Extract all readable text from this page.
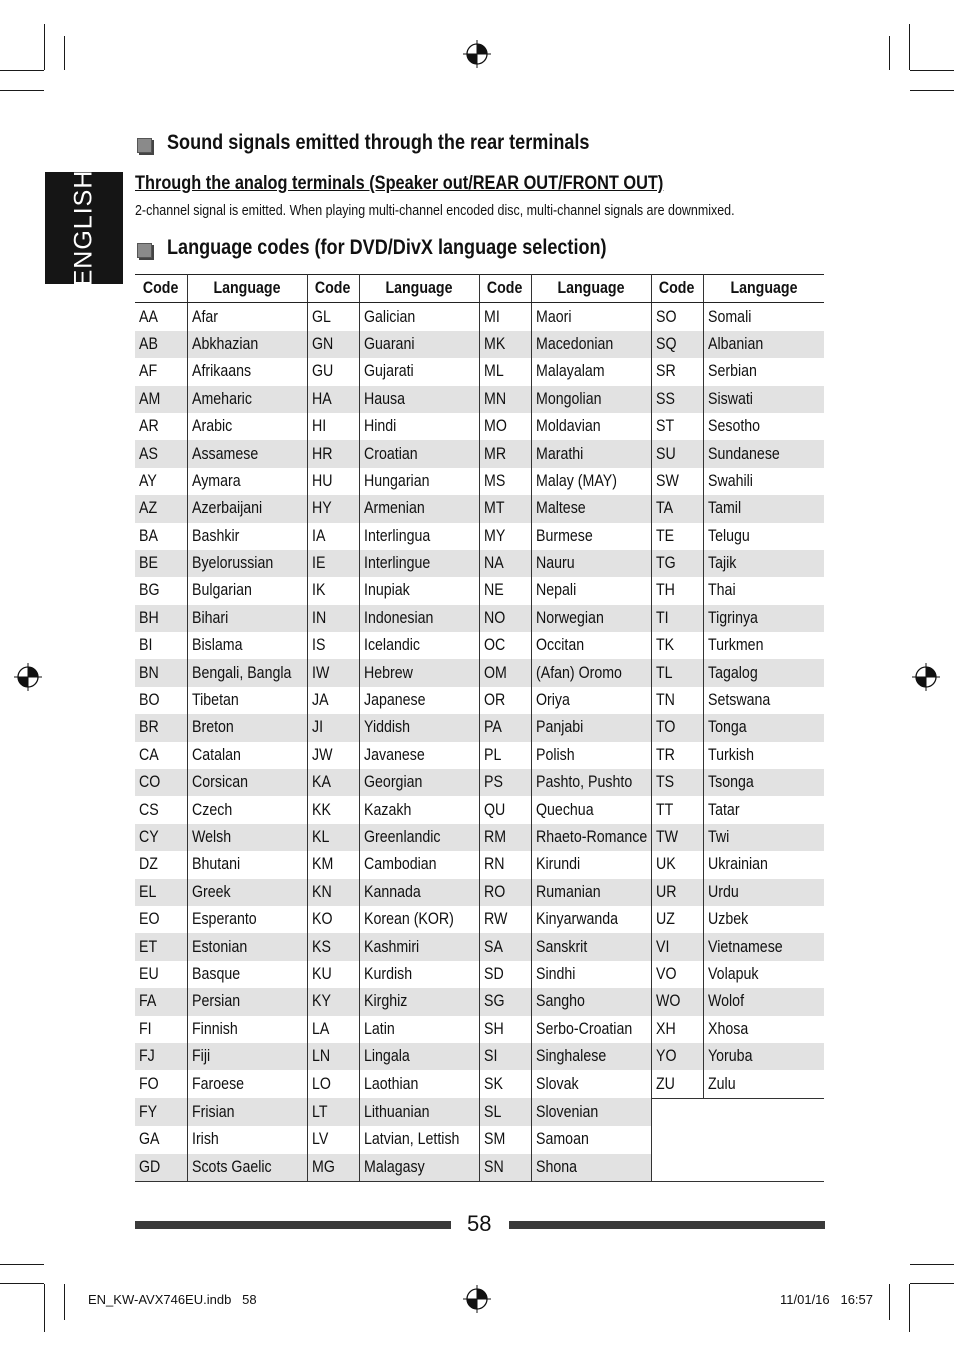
ENGLISH
Sound signals emitted through the rear terminals
Through the analog terminals (Speaker out/REAR OUT/FRONT OUT)
2-channel signal is emitted. When playing multi-channel encoded disc, multi-channel signals are downmixed.
Language codes (for DVD/DivX language selection)
Code	Language	Code	Language	Code	Language	Code	Language
AA	Afar	GL	Galician	MI	Maori	SO	Somali
AB	Abkhazian	GN	Guarani	MK	Macedonian	SQ	Albanian
AF	Afrikaans	GU	Gujarati	ML	Malayalam	SR	Serbian
AM	Ameharic	HA	Hausa	MN	Mongolian	SS	Siswati
AR	Arabic	HI	Hindi	MO	Moldavian	ST	Sesotho
AS	Assamese	HR	Croatian	MR	Marathi	SU	Sundanese
AY	Aymara	HU	Hungarian	MS	Malay (MAY)	SW	Swahili
AZ	Azerbaijani	HY	Armenian	MT	Maltese	TA	Tamil
BA	Bashkir	IA	Interlingua	MY	Burmese	TE	Telugu
BE	Byelorussian	IE	Interlingue	NA	Nauru	TG	Tajik
BG	Bulgarian	IK	Inupiak	NE	Nepali	TH	Thai
BH	Bihari	IN	Indonesian	NO	Norwegian	TI	Tigrinya
BI	Bislama	IS	Icelandic	OC	Occitan	TK	Turkmen
BN	Bengali, Bangla	IW	Hebrew	OM	(Afan) Oromo	TL	Tagalog
BO	Tibetan	JA	Japanese	OR	Oriya	TN	Setswana
BR	Breton	JI	Yiddish	PA	Panjabi	TO	Tonga
CA	Catalan	JW	Javanese	PL	Polish	TR	Turkish
CO	Corsican	KA	Georgian	PS	Pashto, Pushto	TS	Tsonga
CS	Czech	KK	Kazakh	QU	Quechua	TT	Tatar
CY	Welsh	KL	Greenlandic	RM	Rhaeto-Romance	TW	Twi
DZ	Bhutani	KM	Cambodian	RN	Kirundi	UK	Ukrainian
EL	Greek	KN	Kannada	RO	Rumanian	UR	Urdu
EO	Esperanto	KO	Korean (KOR)	RW	Kinyarwanda	UZ	Uzbek
ET	Estonian	KS	Kashmiri	SA	Sanskrit	VI	Vietnamese
EU	Basque	KU	Kurdish	SD	Sindhi	VO	Volapuk
FA	Persian	KY	Kirghiz	SG	Sangho	WO	Wolof
FI	Finnish	LA	Latin	SH	Serbo-Croatian	XH	Xhosa
FJ	Fiji	LN	Lingala	SI	Singhalese	YO	Yoruba
FO	Faroese	LO	Laothian	SK	Slovak	ZU	Zulu
FY	Frisian	LT	Lithuanian	SL	Slovenian		
GA	Irish	LV	Latvian, Lettish	SM	Samoan		
GD	Scots Gaelic	MG	Malagasy	SN	Shona		
58
EN_KW-AVX746EU.indb   58	11/01/16   16:57
